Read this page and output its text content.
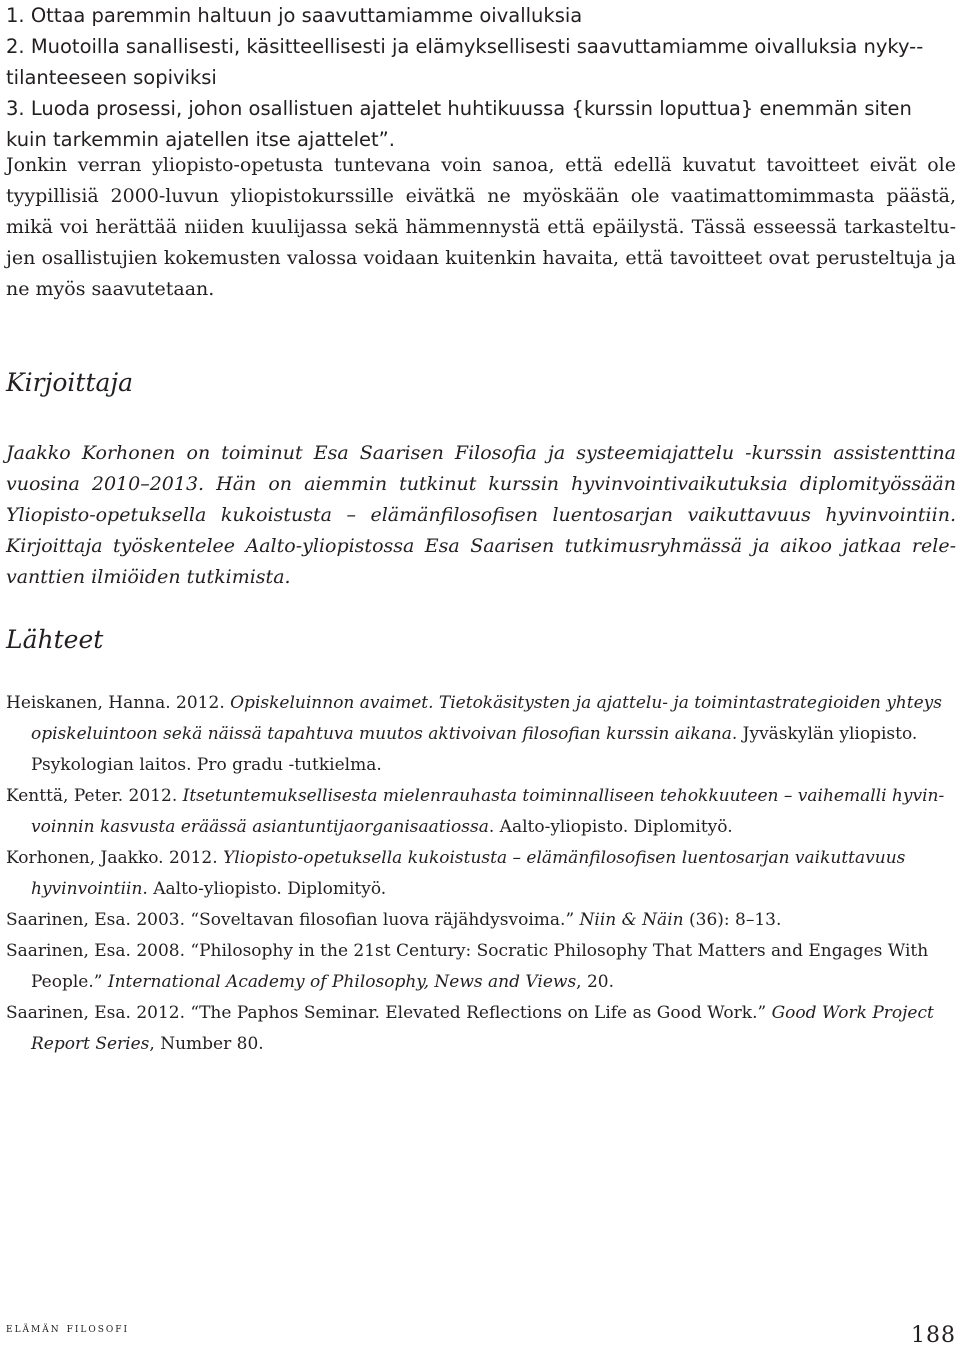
1. Ottaa paremmin haltuun jo saavuttamiamme oivalluksia
2. Muotoilla sanallisesti, käsitteellisesti ja elämyksellisesti saavuttamiamme oivalluksia nyky-tilanteeseen sopiviksi
3. Luoda prosessi, johon osallistuen ajattelet huhtikuussa {kurssin loputtua} enemmän siten kuin tarkemmin ajatellen itse ajattelet”.

Jonkin verran yliopisto-opetusta tuntevana voin sanoa, että edellä kuvatut tavoitteet eivät ole tyypillisiä 2000-luvun yliopistokurssille eivätkä ne myöskään ole vaatimattomimmasta päästä, mikä voi herättää niiden kuulijassa sekä hämmennystä että epäilystä. Tässä esseessä tarkasteltujen osallistujien kokemusten valossa voidaan kuitenkin havaita, että tavoitteet ovat perusteltuja ja ne myös saavutetaan.

Kirjoittaja

Jaakko Korhonen on toiminut Esa Saarisen Filosofia ja systeemiajattelu -kurssin assistenttina vuosina 2010–2013. Hän on aiemmin tutkinut kurssin hyvinvointivaikutuksia diplomityössään Yliopisto-opetuksella kukoistusta – elämänfilosofisen luentosarjan vaikuttavuus hyvinvointiin. Kirjoittaja työskentelee Aalto-yliopistossa Esa Saarisen tutkimusryhmässä ja aikoo jatkaa relevanttien ilmiöiden tutkimista.

Lähteet
Heiskanen, Hanna. 2012. Opiskeluinnon avaimet. Tietokäsitysten ja ajattelu- ja toimintastrategioiden yhteys opiskeluintoon sekä näissä tapahtuva muutos aktivoivan filosofian kurssin aikana. Jyväskylän yliopisto. Psykologian laitos. Pro gradu -tutkielma.
Kenttä, Peter. 2012. Itsetuntemuksellisesta mielenrauhasta toiminnalliseen tehokkuuteen – vaihemalli hyvinvoinnin kasvusta eräässä asiantuntijaorganisaatiossa. Aalto-yliopisto. Diplomityö.
Korhonen, Jaakko. 2012. Yliopisto-opetuksella kukoistusta – elämänfilosofisen luentosarjan vaikuttavuus hyvinvointiin. Aalto-yliopisto. Diplomityö.
Saarinen, Esa. 2003. “Soveltavan filosofian luova räjähdysvoima.” Niin & Näin (36): 8–13.
Saarinen, Esa. 2008. “Philosophy in the 21st Century: Socratic Philosophy That Matters and Engages With People.” International Academy of Philosophy, News and Views, 20.
Saarinen, Esa. 2012. “The Paphos Seminar. Elevated Reflections on Life as Good Work.” Good Work Project Report Series, Number 80.
elämän filosofi	188
